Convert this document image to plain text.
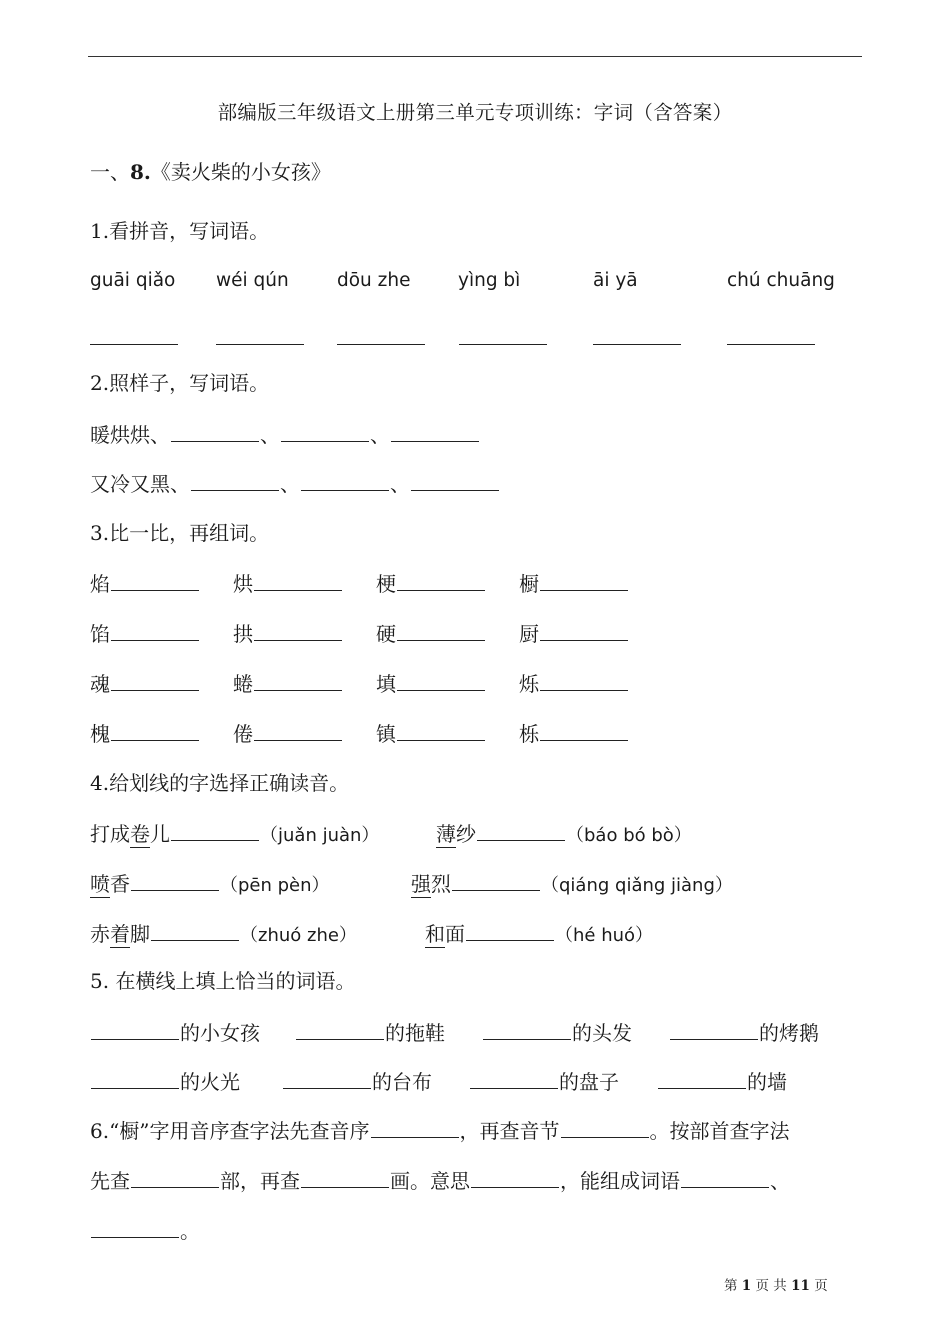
部编版三年级语文上册第三单元专项训练：字词（含答案）
一、8.《卖火柴的小女孩》
1.看拼音，写词语。
guāi qiǎo wéi qún	dōu zhe	yìng bì	āi yā	chú chuāng
2.照样子，写词语。
暖烘烘、	、	、
又冷又黑、	、	、
3.比一比，再组词。
焰	烘	梗	橱
馅	拱	硬	厨
魂	蜷	填	烁
槐	倦	镇	栎
4.给划线的字选择正确读音。
打成卷儿	（juǎn juàn）	薄纱	（báo bó bò）
喷香	（pēn pèn）	强烈	（qiáng qiǎng jiàng）
赤着脚	（zhuó zhe）	和面	（hé huó）
5. 在横线上填上恰当的词语。
的小女孩	的拖鞋	的头发	的烤鹅
的火光	的台布	的盘子	的墙
6.“橱”字用音序查字法先查音序	，再查音节	。按部首查字法
先查	部，再查	画。意思	，能组成词语	、
。
第 1 页 共 11 页
